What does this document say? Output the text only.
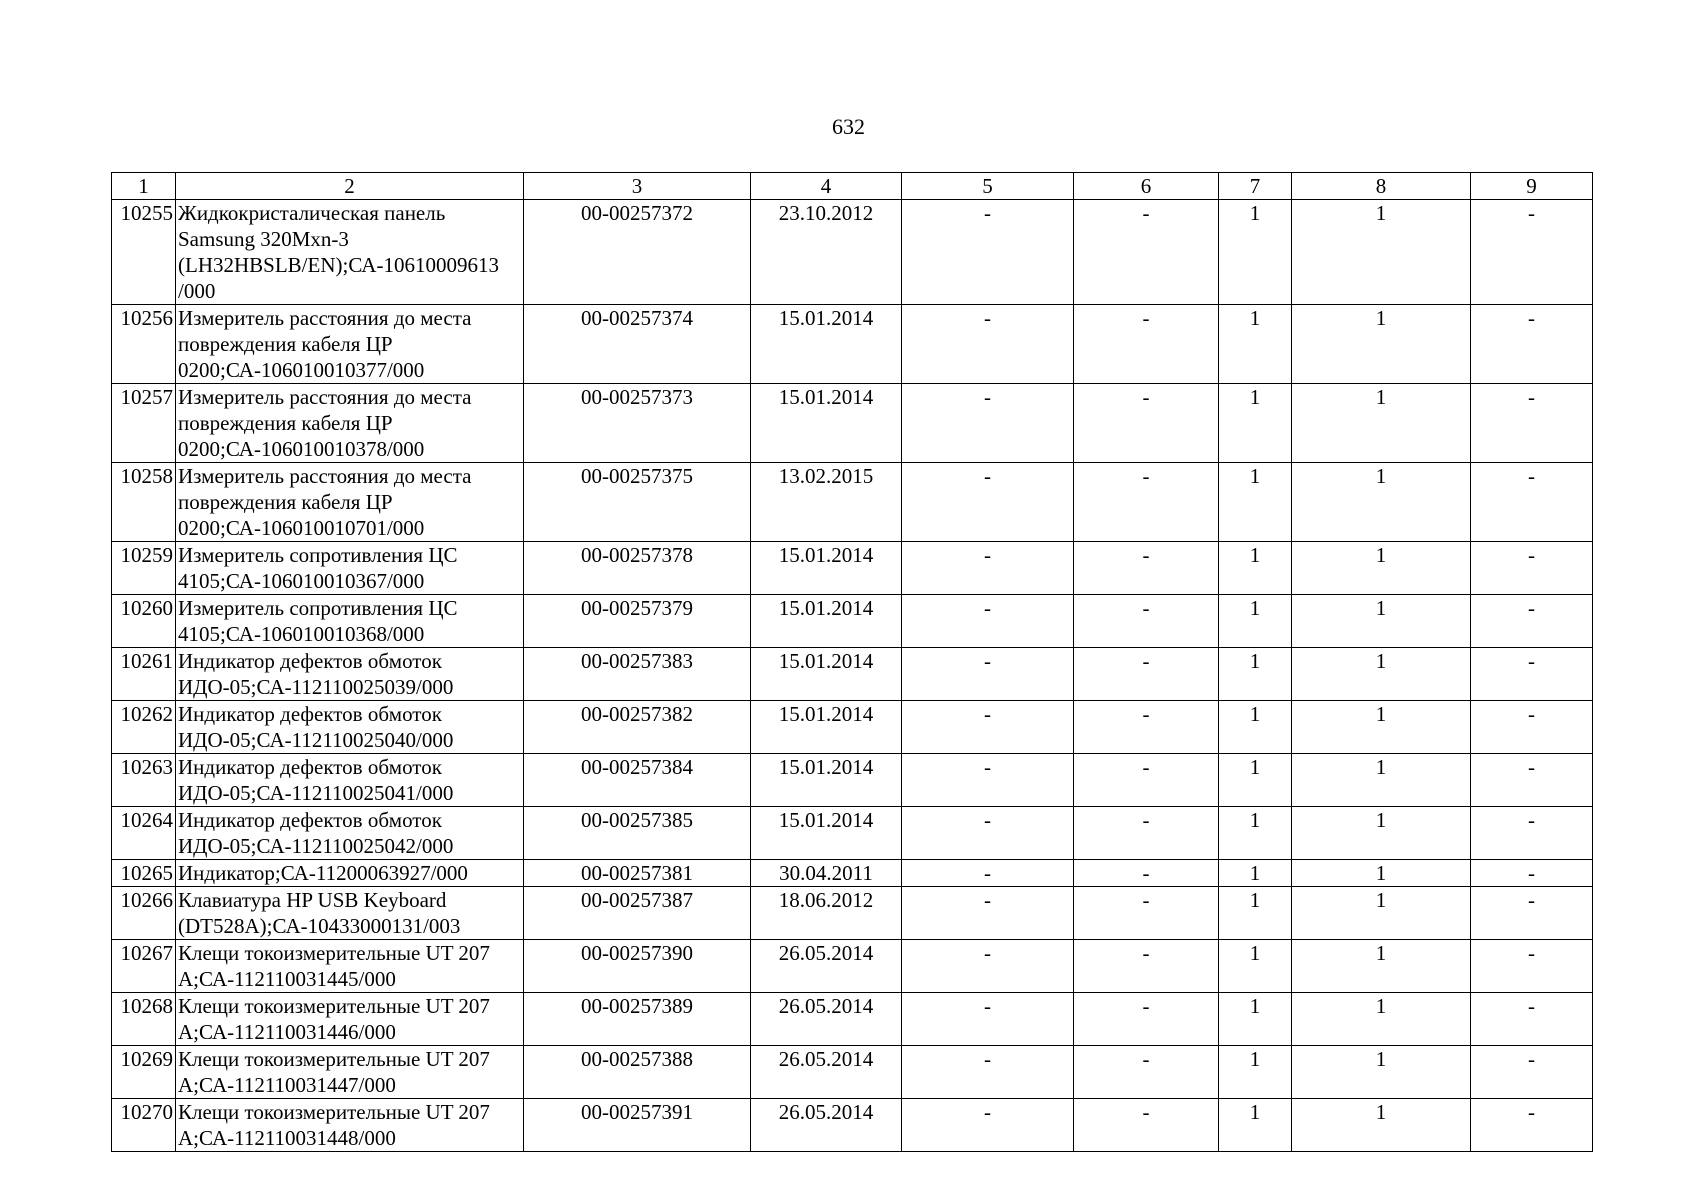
632
1	2	3	4	5	6	7	8	9
10255	Жидкокристалическая панель Samsung 320Mxn-3 (LH32HBSLB/EN);СА-10610009613 /000	00-00257372	23.10.2012	-	-	1	1	-
10256	Измеритель расстояния до места повреждения кабеля ЦР 0200;СА-106010010377/000	00-00257374	15.01.2014	-	-	1	1	-
10257	Измеритель расстояния до места повреждения кабеля ЦР 0200;СА-106010010378/000	00-00257373	15.01.2014	-	-	1	1	-
10258	Измеритель расстояния до места повреждения кабеля ЦР 0200;СА-106010010701/000	00-00257375	13.02.2015	-	-	1	1	-
10259	Измеритель сопротивления ЦС 4105;СА-106010010367/000	00-00257378	15.01.2014	-	-	1	1	-
10260	Измеритель сопротивления ЦС 4105;СА-106010010368/000	00-00257379	15.01.2014	-	-	1	1	-
10261	Индикатор дефектов обмоток ИДО-05;СА-112110025039/000	00-00257383	15.01.2014	-	-	1	1	-
10262	Индикатор дефектов обмоток ИДО-05;СА-112110025040/000	00-00257382	15.01.2014	-	-	1	1	-
10263	Индикатор дефектов обмоток ИДО-05;СА-112110025041/000	00-00257384	15.01.2014	-	-	1	1	-
10264	Индикатор дефектов обмоток ИДО-05;СА-112110025042/000	00-00257385	15.01.2014	-	-	1	1	-
10265	Индикатор;СА-11200063927/000	00-00257381	30.04.2011	-	-	1	1	-
10266	Клавиатура HP USB Keyboard (DT528A);СА-10433000131/003	00-00257387	18.06.2012	-	-	1	1	-
10267	Клещи токоизмерительные UT 207 A;СА-112110031445/000	00-00257390	26.05.2014	-	-	1	1	-
10268	Клещи токоизмерительные UT 207 A;СА-112110031446/000	00-00257389	26.05.2014	-	-	1	1	-
10269	Клещи токоизмерительные UT 207 A;СА-112110031447/000	00-00257388	26.05.2014	-	-	1	1	-
10270	Клещи токоизмерительные UT 207 A;СА-112110031448/000	00-00257391	26.05.2014	-	-	1	1	-
